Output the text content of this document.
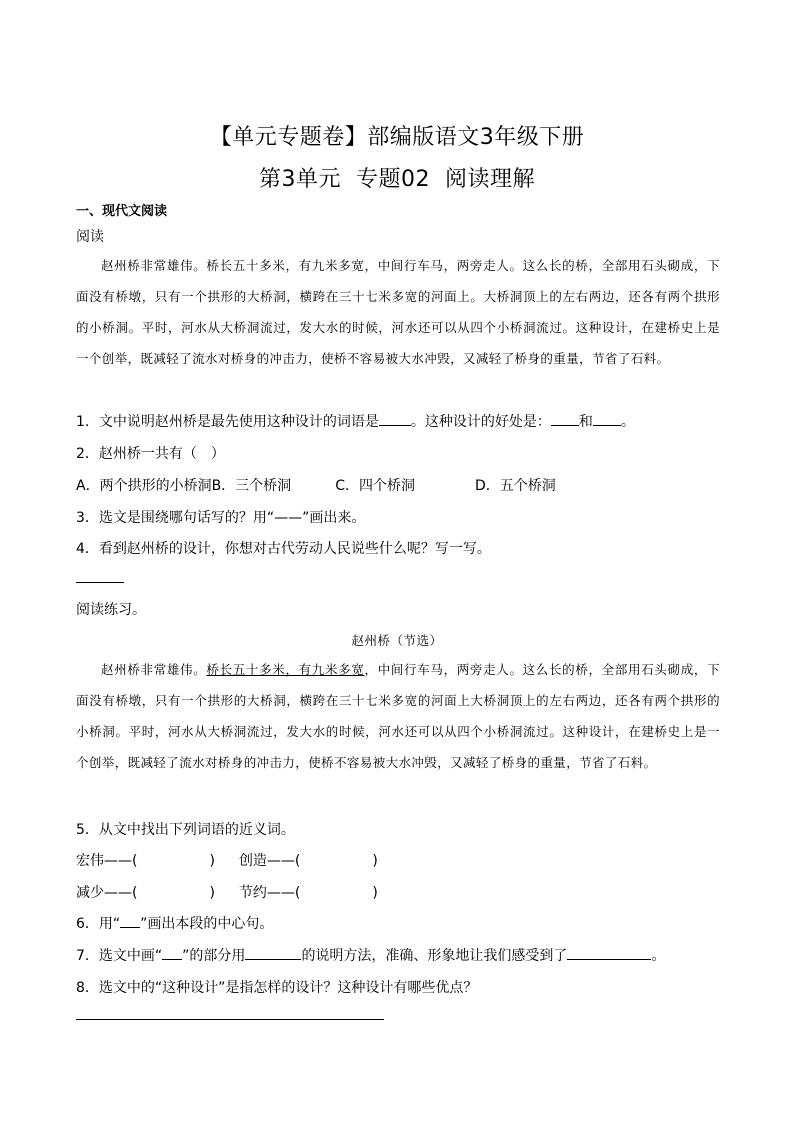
【单元专题卷】部编版语文3年级下册
第3单元  专题02  阅读理解
一、现代文阅读
阅读

赵州桥非常雄伟。桥长五十多米，有九米多宽，中间行车马，两旁走人。这么长的桥，全部用石头砌成，下面没有桥墩，只有一个拱形的大桥洞，横跨在三十七米多宽的河面上。大桥洞顶上的左右两边，还各有两个拱形的小桥洞。平时，河水从大桥洞流过，发大水的时候，河水还可以从四个小桥洞流过。这种设计，在建桥史上是一个创举，既减轻了流水对桥身的冲击力，使桥不容易被大水冲毁，又减轻了桥身的重量，节省了石料。

1．文中说明赵州桥是最先使用这种设计的词语是 。这种设计的好处是： 和 。
2．赵州桥一共有（　）
A．两个拱形的小桥洞B．三个桥洞	C．四个桥洞	D．五个桥洞
3．选文是围绕哪句话写的？用“——”画出来。
4．看到赵州桥的设计，你想对古代劳动人民说些什么呢？写一写。
阅读练习。
赵州桥（节选）

赵州桥非常雄伟。桥长五十多米，有九米多宽，中间行车马，两旁走人。这么长的桥，全部用石头砌成，下面没有桥墩，只有一个拱形的大桥洞，横跨在三十七米多宽的河面上大桥洞顶上的左右两边，还各有两个拱形的小桥洞。平时，河水从大桥洞流过，发大水的时候，河水还可以从四个小桥洞流过。这种设计，在建桥史上是一个创举，既减轻了流水对桥身的冲击力，使桥不容易被大水冲毁，又减轻了桥身的重量，节省了石料。

5．从文中找出下列词语的近义词。
宏伟——(	) 创造——(	)
减少——(	) 节约——(	)
6．用“ ”画出本段的中心句。
7．选文中画“ ”的部分用	的说明方法，准确、形象地让我们感受到了	。
8．选文中的“这种设计”是指怎样的设计？这种设计有哪些优点？
